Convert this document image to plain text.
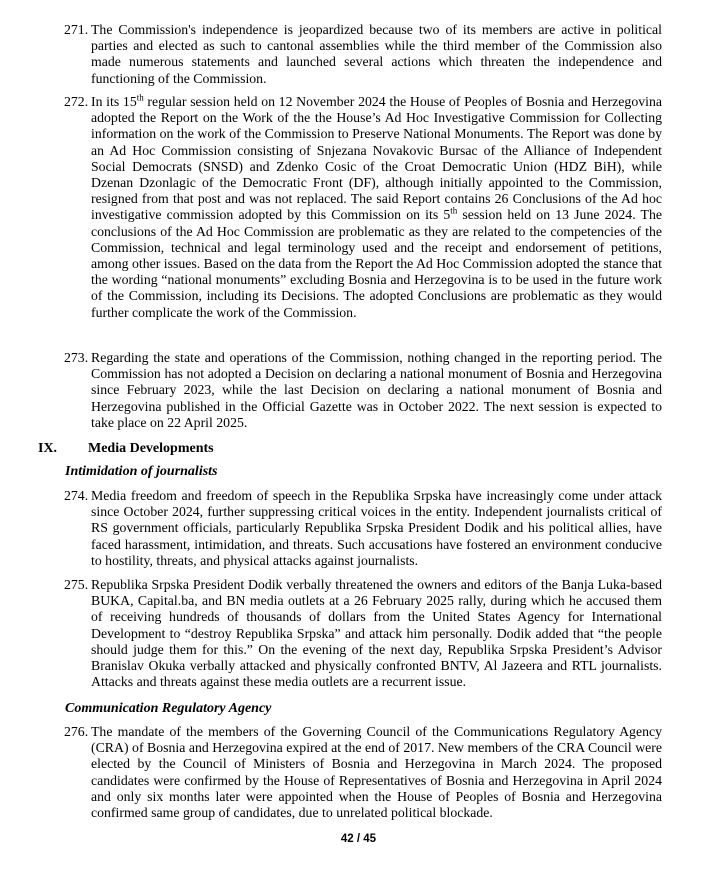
271. The Commission's independence is jeopardized because two of its members are active in political parties and elected as such to cantonal assemblies while the third member of the Commission also made numerous statements and launched several actions which threaten the independence and functioning of the Commission.
272. In its 15th regular session held on 12 November 2024 the House of Peoples of Bosnia and Herzegovina adopted the Report on the Work of the the House’s Ad Hoc Investigative Commission for Collecting information on the work of the Commission to Preserve National Monuments. The Report was done by an Ad Hoc Commission consisting of Snjezana Novakovic Bursac of the Alliance of Independent Social Democrats (SNSD) and Zdenko Cosic of the Croat Democratic Union (HDZ BiH), while Dzenan Dzonlagic of the Democratic Front (DF), although initially appointed to the Commission, resigned from that post and was not replaced. The said Report contains 26 Conclusions of the Ad hoc investigative commission adopted by this Commission on its 5th session held on 13 June 2024. The conclusions of the Ad Hoc Commission are problematic as they are related to the competencies of the Commission, technical and legal terminology used and the receipt and endorsement of petitions, among other issues. Based on the data from the Report the Ad Hoc Commission adopted the stance that the wording “national monuments” excluding Bosnia and Herzegovina is to be used in the future work of the Commission, including its Decisions. The adopted Conclusions are problematic as they would further complicate the work of the Commission.
273. Regarding the state and operations of the Commission, nothing changed in the reporting period. The Commission has not adopted a Decision on declaring a national monument of Bosnia and Herzegovina since February 2023, while the last Decision on declaring a national monument of Bosnia and Herzegovina published in the Official Gazette was in October 2022. The next session is expected to take place on 22 April 2025.
IX. Media Developments
Intimidation of journalists
274. Media freedom and freedom of speech in the Republika Srpska have increasingly come under attack since October 2024, further suppressing critical voices in the entity. Independent journalists critical of RS government officials, particularly Republika Srpska President Dodik and his political allies, have faced harassment, intimidation, and threats. Such accusations have fostered an environment conducive to hostility, threats, and physical attacks against journalists.
275. Republika Srpska President Dodik verbally threatened the owners and editors of the Banja Luka-based BUKA, Capital.ba, and BN media outlets at a 26 February 2025 rally, during which he accused them of receiving hundreds of thousands of dollars from the United States Agency for International Development to “destroy Republika Srpska” and attack him personally. Dodik added that “the people should judge them for this.” On the evening of the next day, Republika Srpska President’s Advisor Branislav Okuka verbally attacked and physically confronted BNTV, Al Jazeera and RTL journalists. Attacks and threats against these media outlets are a recurrent issue.
Communication Regulatory Agency
276. The mandate of the members of the Governing Council of the Communications Regulatory Agency (CRA) of Bosnia and Herzegovina expired at the end of 2017. New members of the CRA Council were elected by the Council of Ministers of Bosnia and Herzegovina in March 2024. The proposed candidates were confirmed by the House of Representatives of Bosnia and Herzegovina in April 2024 and only six months later were appointed when the House of Peoples of Bosnia and Herzegovina confirmed same group of candidates, due to unrelated political blockade.
42 / 45
